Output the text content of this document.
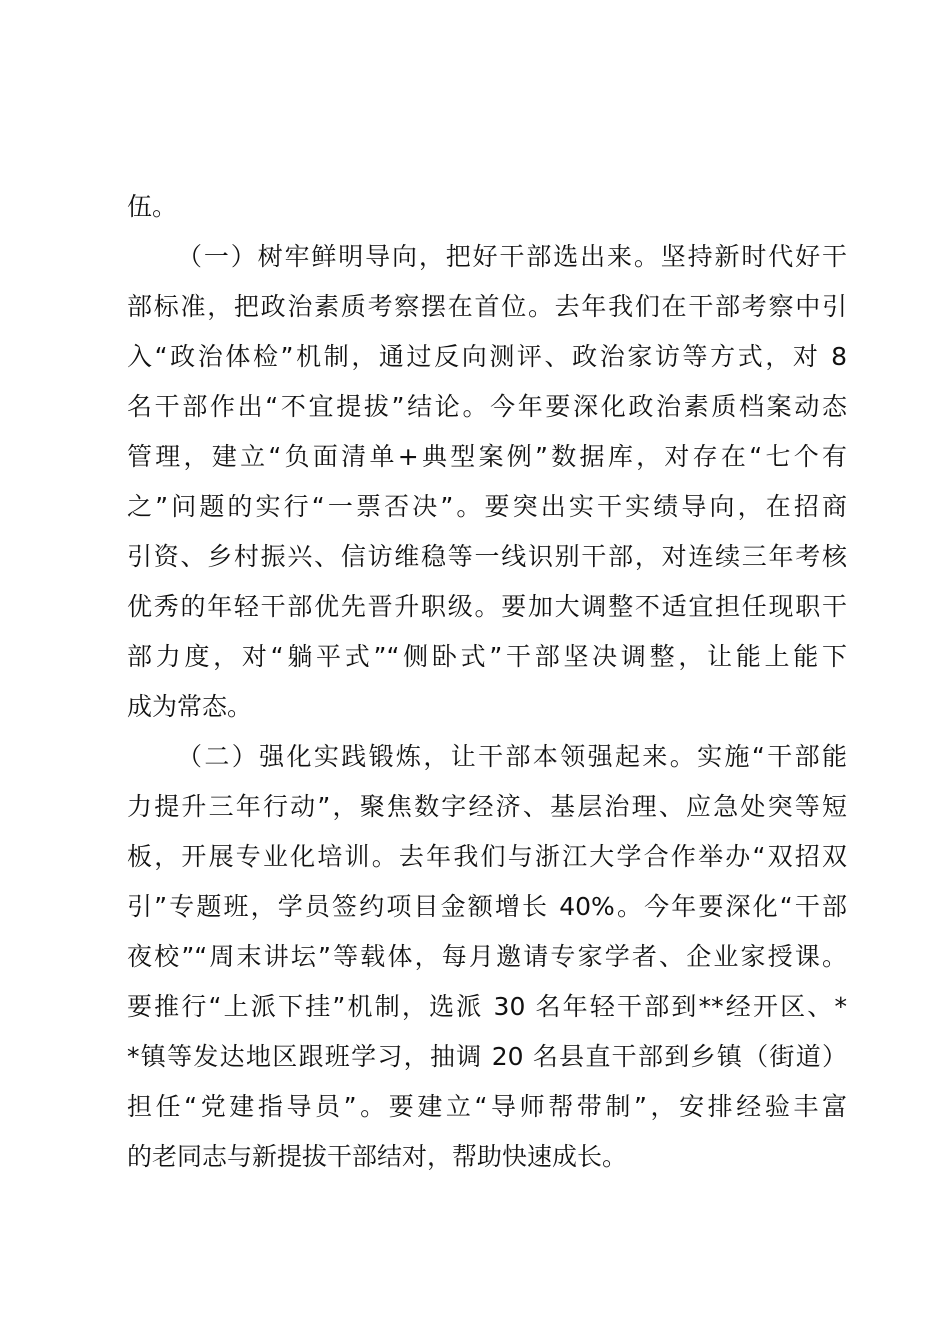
伍。
（一）树牢鲜明导向，把好干部选出来。坚持新时代好干
部标准，把政治素质考察摆在首位。去年我们在干部考察中引
入“政治体检”机制，通过反向测评、政治家访等方式，对 8
名干部作出“不宜提拔”结论。今年要深化政治素质档案动态
管理，建立“负面清单+典型案例”数据库，对存在“七个有
之”问题的实行“一票否决”。要突出实干实绩导向，在招商
引资、乡村振兴、信访维稳等一线识别干部，对连续三年考核
优秀的年轻干部优先晋升职级。要加大调整不适宜担任现职干
部力度，对“躺平式”“侧卧式”干部坚决调整，让能上能下
成为常态。
（二）强化实践锻炼，让干部本领强起来。实施“干部能
力提升三年行动”，聚焦数字经济、基层治理、应急处突等短
板，开展专业化培训。去年我们与浙江大学合作举办“双招双
引”专题班，学员签约项目金额增长 40%。今年要深化“干部
夜校”“周末讲坛”等载体，每月邀请专家学者、企业家授课。
要推行“上派下挂”机制，选派 30 名年轻干部到**经开区、*
*镇等发达地区跟班学习，抽调 20 名县直干部到乡镇（街道）
担任“党建指导员”。要建立“导师帮带制”，安排经验丰富
的老同志与新提拔干部结对，帮助快速成长。
